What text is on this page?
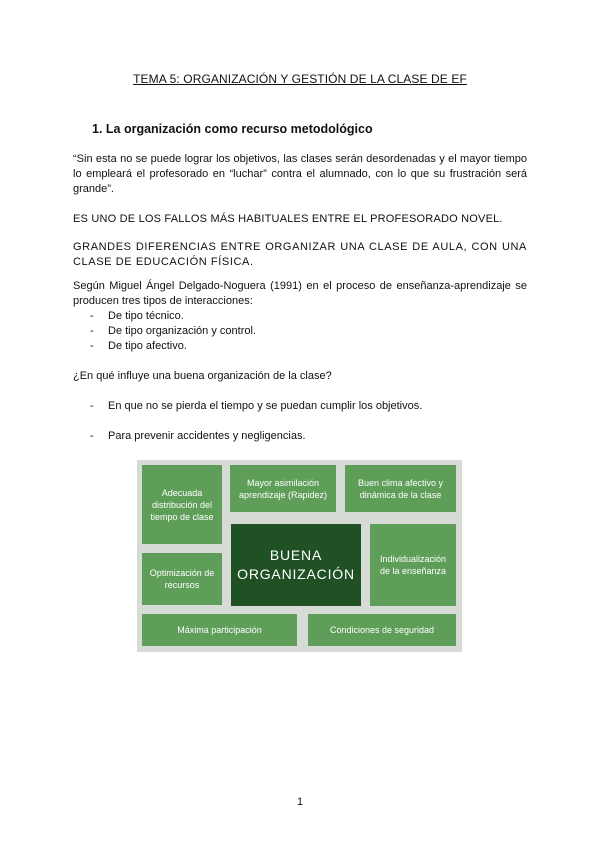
TEMA 5: ORGANIZACIÓN Y GESTIÓN DE LA CLASE DE EF
1. La organización como recurso metodológico
“Sin esta no se puede lograr los objetivos, las clases serán desordenadas y el mayor tiempo lo empleará el profesorado en “luchar” contra el alumnado, con lo que su frustración será grande”.
ES UNO DE LOS FALLOS MÁS HABITUALES ENTRE EL PROFESORADO NOVEL.
GRANDES DIFERENCIAS ENTRE ORGANIZAR UNA CLASE DE AULA, CON UNA CLASE DE EDUCACIÓN FÍSICA.
Según Miguel Ángel Delgado-Noguera (1991) en el proceso de enseñanza-aprendizaje se producen tres tipos de interacciones:
- De tipo técnico.
- De tipo organización y control.
- De tipo afectivo.
¿En qué influye una buena organización de la clase?
- En que no se pierda el tiempo y se puedan cumplir los objetivos.
- Para prevenir accidentes y negligencias.
Adecuada distribución del tiempo de clase
Mayor asimilación aprendizaje (Rapidez)
Buen clima afectivo y dinámica de la clase
BUENA ORGANIZACIÓN
Optimización de recursos
Individualización de la enseñanza
Máxima participación	Condiciones de seguridad
1
